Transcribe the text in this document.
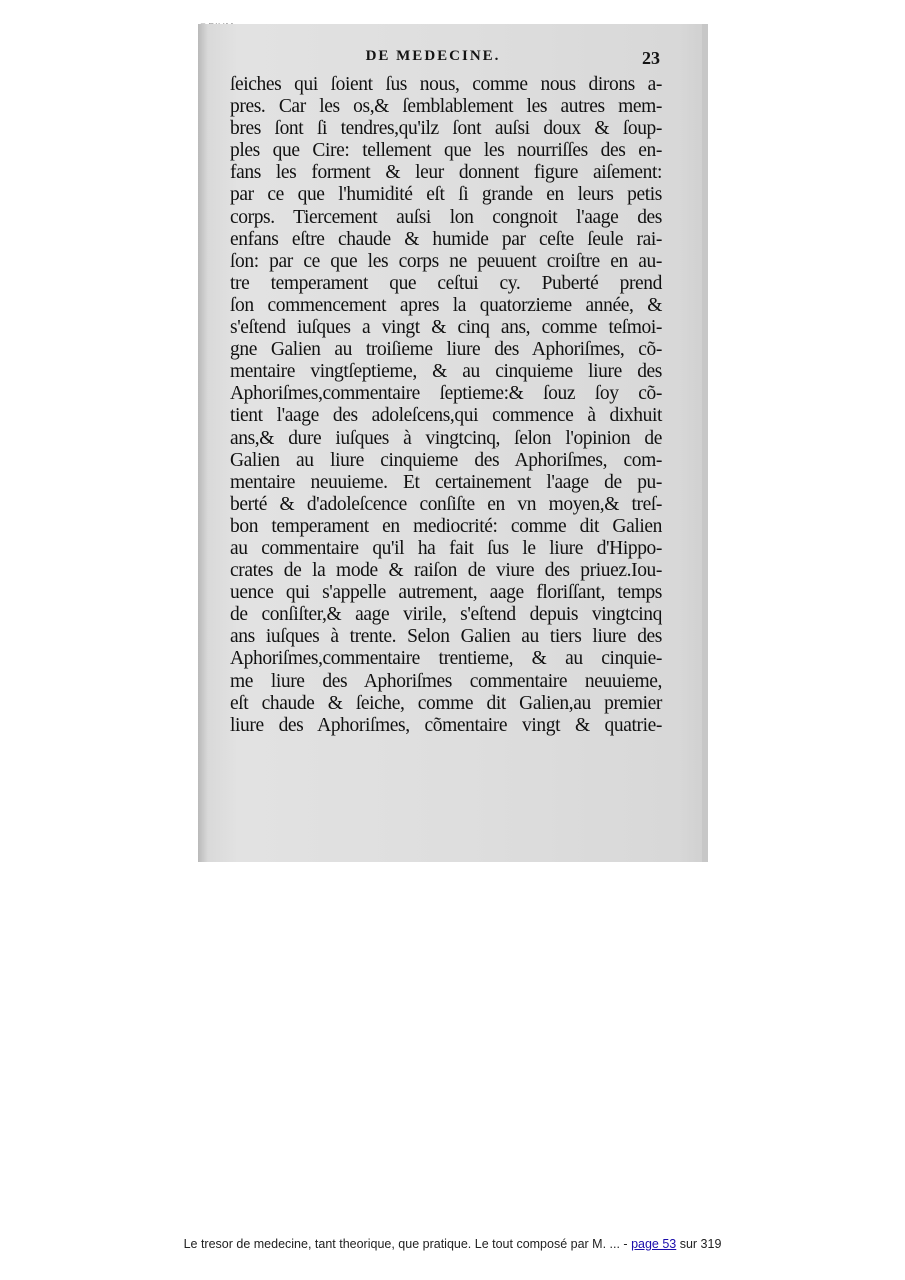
DE MEDECINE.	23
ſeiches qui ſoient ſus nous, comme nous dirons a-
pres. Car les os,& ſemblablement les autres mem-
bres ſont ſi tendres,qu'ilz ſont auſsi doux & ſoup-
ples que Cire: tellement que les nourriſſes des en-
fans les forment & leur donnent figure aiſement:
par ce que l'humidité eſt ſi grande en leurs petis
corps. Tiercement auſsi lon congnoit l'aage des
enfans eſtre chaude & humide par ceſte ſeule rai-
ſon: par ce que les corps ne peuuent croiſtre en au-
tre temperament que ceſtui cy. Puberté prend
ſon commencement apres la quatorzieme année, &
s'eſtend iuſques a vingt & cinq ans, comme teſmoi-
gne Galien au troiſieme liure des Aphoriſmes, cõ-
mentaire vingtſeptieme, & au cinquieme liure des
Aphoriſmes,commentaire ſeptieme:& ſouz ſoy cõ-
tient l'aage des adoleſcens,qui commence à dixhuit
ans,& dure iuſques à vingtcinq, ſelon l'opinion de
Galien au liure cinquieme des Aphoriſmes, com-
mentaire neuuieme. Et certainement l'aage de pu-
berté & d'adoleſcence conſiſte en vn moyen,& treſ-
bon temperament en mediocrité: comme dit Galien
au commentaire qu'il ha fait ſus le liure d'Hippo-
crates de la mode & raiſon de viure des priuez.Iou-
uence qui s'appelle autrement, aage floriſſant, temps
de conſiſter,& aage virile, s'eſtend depuis vingtcinq
ans iuſques à trente. Selon Galien au tiers liure des
Aphoriſmes,commentaire trentieme, & au cinquie-
me liure des Aphoriſmes commentaire neuuieme,
eſt chaude & ſeiche, comme dit Galien,au premier
liure des Aphoriſmes, cõmentaire vingt & quatrie-
Le tresor de medecine, tant theorique, que pratique. Le tout composé par M. ... - page 53 sur 319
